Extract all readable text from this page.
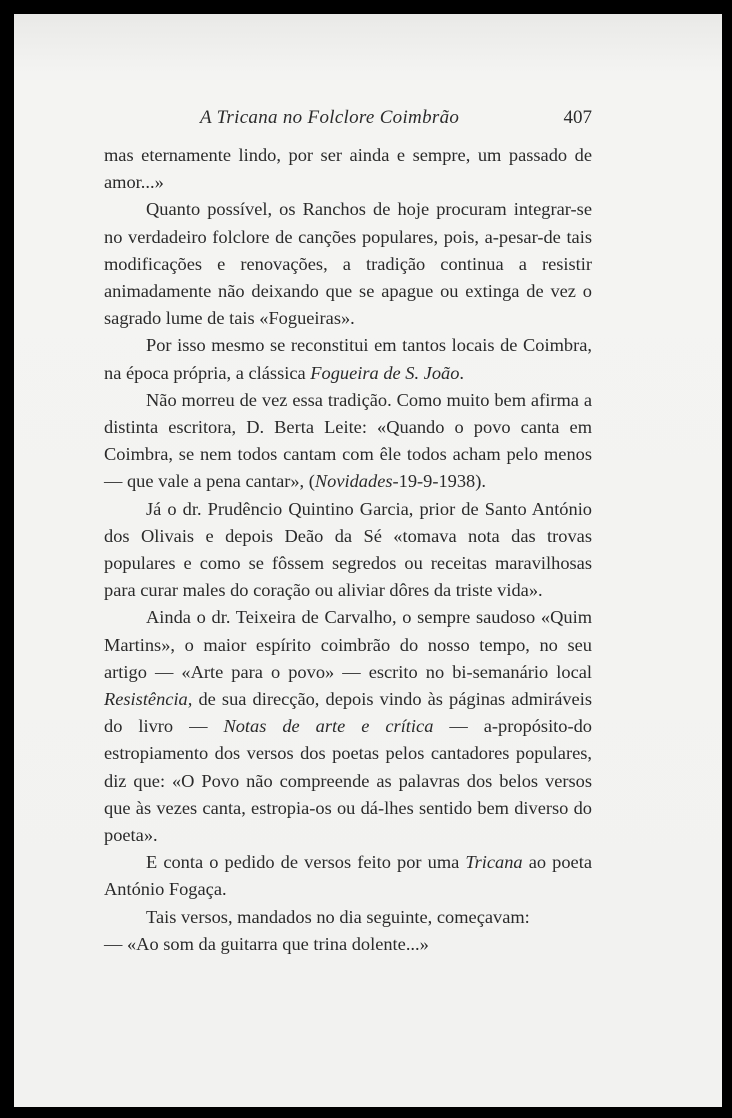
A Tricana no Folclore Coimbrão	407

mas eternamente lindo, por ser ainda e sempre, um passado de amor...»

Quanto possível, os Ranchos de hoje procuram integrar-se no verdadeiro folclore de canções populares, pois, a-pesar-de tais modificações e renovações, a tradição continua a resistir animadamente não deixando que se apague ou extinga de vez o sagrado lume de tais «Fogueiras».

Por isso mesmo se reconstitui em tantos locais de Coimbra, na época própria, a clássica Fogueira de S. João.

Não morreu de vez essa tradição. Como muito bem afirma a distinta escritora, D. Berta Leite: «Quando o povo canta em Coimbra, se nem todos cantam com êle todos acham pelo menos — que vale a pena cantar», (Novidades-19-9-1938).

Já o dr. Prudêncio Quintino Garcia, prior de Santo António dos Olivais e depois Deão da Sé «tomava nota das trovas populares e como se fôssem segredos ou receitas maravilhosas para curar males do coração ou aliviar dôres da triste vida».

Ainda o dr. Teixeira de Carvalho, o sempre saudoso «Quim Martins», o maior espírito coimbrão do nosso tempo, no seu artigo — «Arte para o povo» — escrito no bi-semanário local Resistência, de sua direcção, depois vindo às páginas admiráveis do livro — Notas de arte e crítica — a-propósito-do estropiamento dos versos dos poetas pelos cantadores populares, diz que: «O Povo não compreende as palavras dos belos versos que às vezes canta, estropia-os ou dá-lhes sentido bem diverso do poeta».

E conta o pedido de versos feito por uma Tricana ao poeta António Fogaça.

Tais versos, mandados no dia seguinte, começavam:

— «Ao som da guitarra que trina dolente...»
